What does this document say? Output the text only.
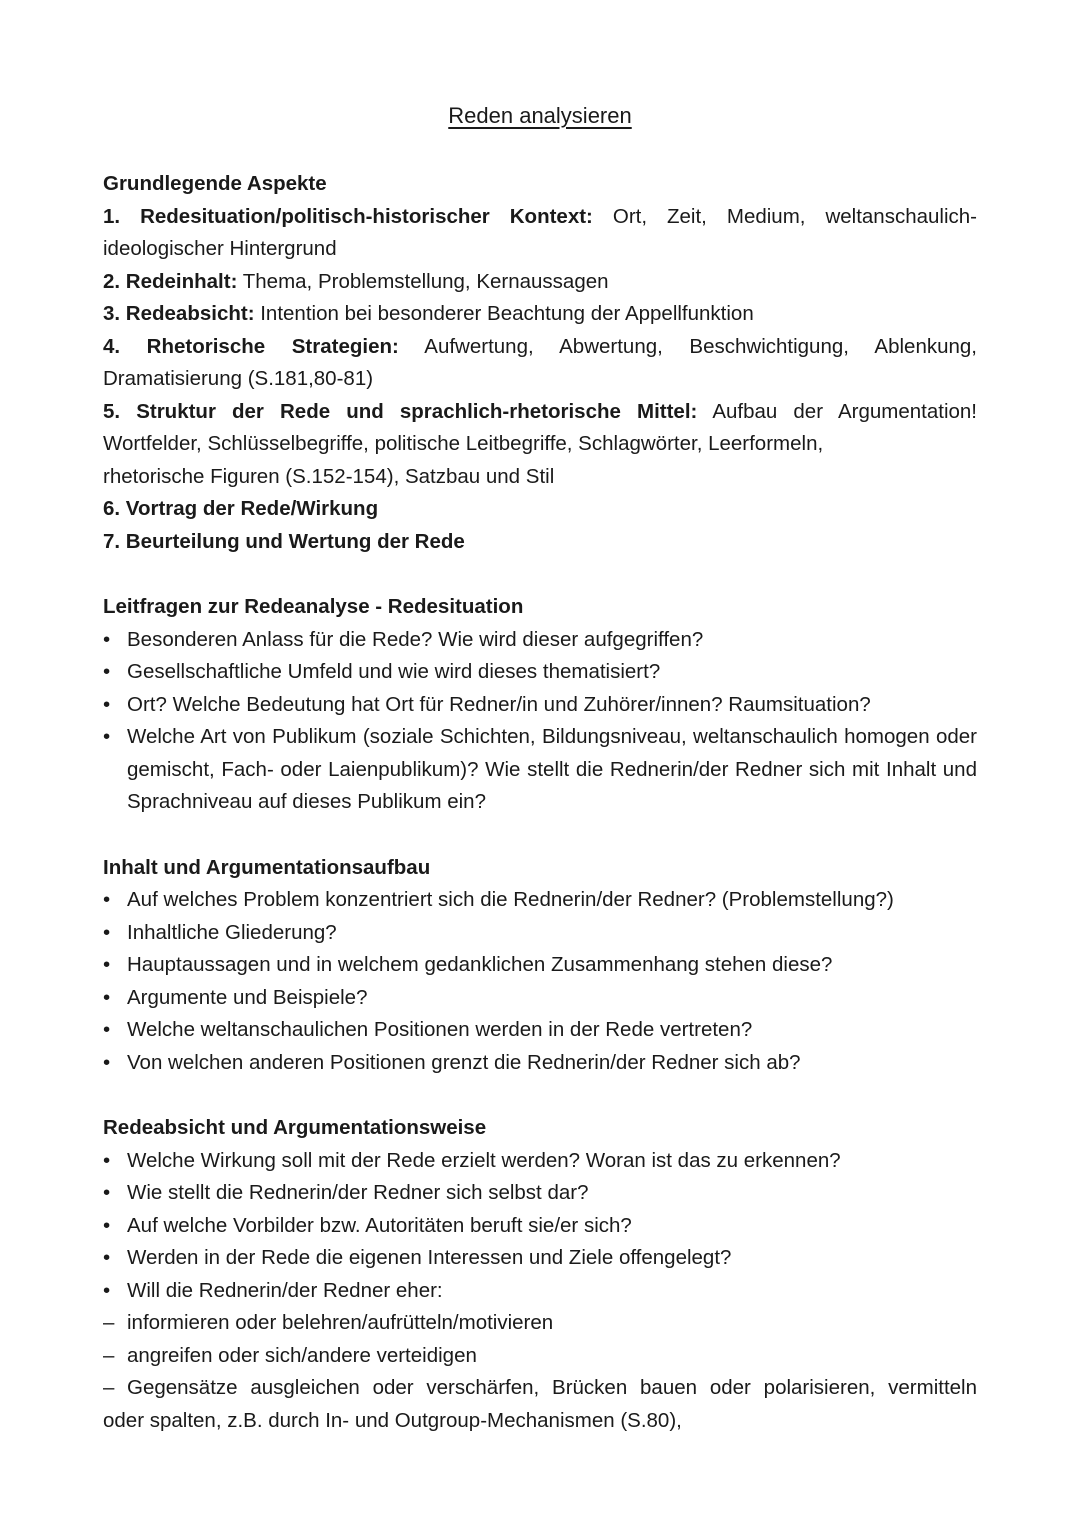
Reden analysieren

Grundlegende Aspekte

1. Redesituation/politisch-historischer Kontext: Ort, Zeit, Medium, weltanschaulich-ideologischer Hintergrund

2. Redeinhalt: Thema, Problemstellung, Kernaussagen

3. Redeabsicht: Intention bei besonderer Beachtung der Appellfunktion

4. Rhetorische Strategien: Aufwertung, Abwertung, Beschwichtigung, Ablenkung, Dramatisierung (S.181,80-81)

5. Struktur der Rede und sprachlich-rhetorische Mittel: Aufbau der Argumentation!

Wortfelder, Schlüsselbegriffe, politische Leitbegriffe, Schlagwörter, Leerformeln,

rhetorische Figuren (S.152-154), Satzbau und Stil

6. Vortrag der Rede/Wirkung

7. Beurteilung und Wertung der Rede

Leitfragen zur Redeanalyse - Redesituation

• Besonderen Anlass für die Rede? Wie wird dieser aufgegriffen?
• Gesellschaftliche Umfeld und wie wird dieses thematisiert?
• Ort? Welche Bedeutung hat Ort für Redner/in und Zuhörer/innen? Raumsituation?
• Welche Art von Publikum (soziale Schichten, Bildungsniveau, weltanschaulich homogen oder gemischt, Fach- oder Laienpublikum)? Wie stellt die Rednerin/der Redner sich mit Inhalt und Sprachniveau auf dieses Publikum ein?

Inhalt und Argumentationsaufbau

• Auf welches Problem konzentriert sich die Rednerin/der Redner? (Problemstellung?)
• Inhaltliche Gliederung?
• Hauptaussagen und in welchem gedanklichen Zusammenhang stehen diese?
• Argumente und Beispiele?
• Welche weltanschaulichen Positionen werden in der Rede vertreten?
• Von welchen anderen Positionen grenzt die Rednerin/der Redner sich ab?

Redeabsicht und Argumentationsweise

• Welche Wirkung soll mit der Rede erzielt werden? Woran ist das zu erkennen?
• Wie stellt die Rednerin/der Redner sich selbst dar?
• Auf welche Vorbilder bzw. Autoritäten beruft sie/er sich?
• Werden in der Rede die eigenen Interessen und Ziele offengelegt?
• Will die Rednerin/der Redner eher:
– informieren oder belehren/aufrütteln/motivieren
– angreifen oder sich/andere verteidigen
– Gegensätze ausgleichen oder verschärfen, Brücken bauen oder polarisieren, vermitteln
oder spalten, z.B. durch In- und Outgroup-Mechanismen (S.80),
